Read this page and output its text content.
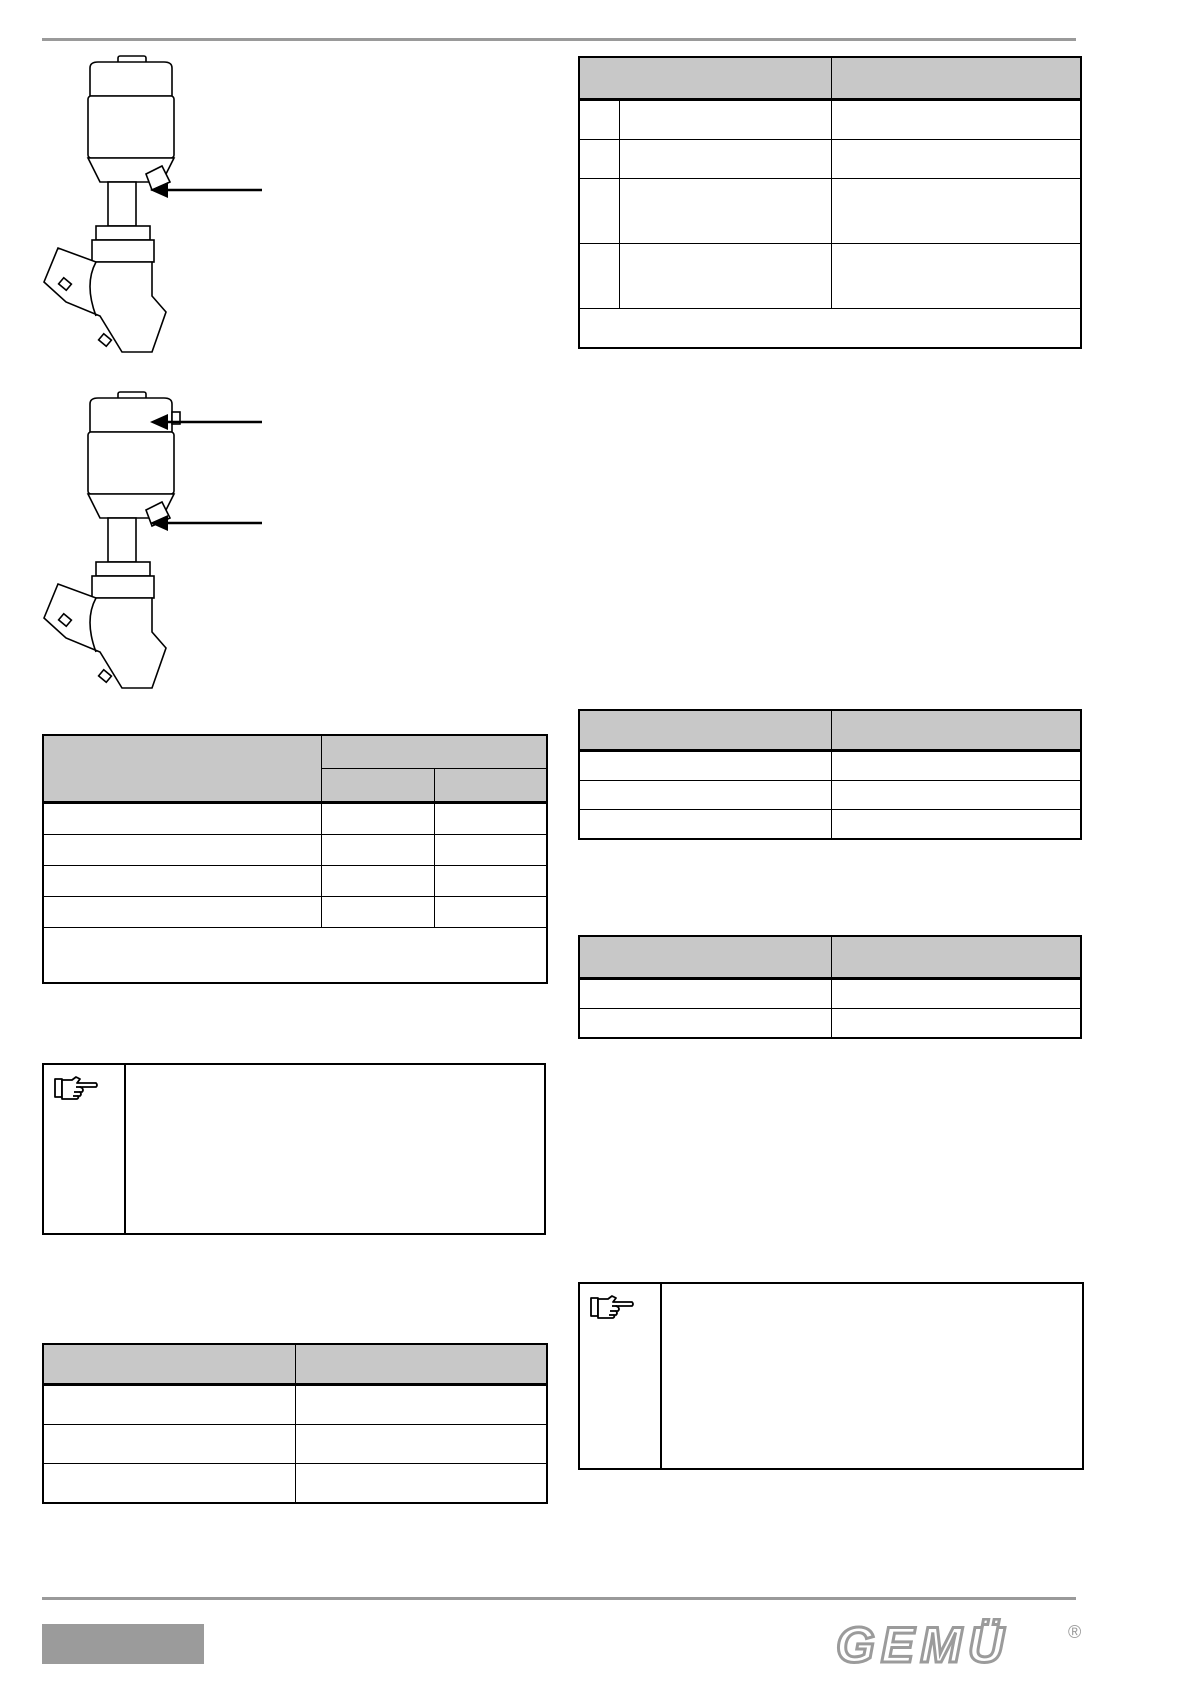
GEMÜ	®
